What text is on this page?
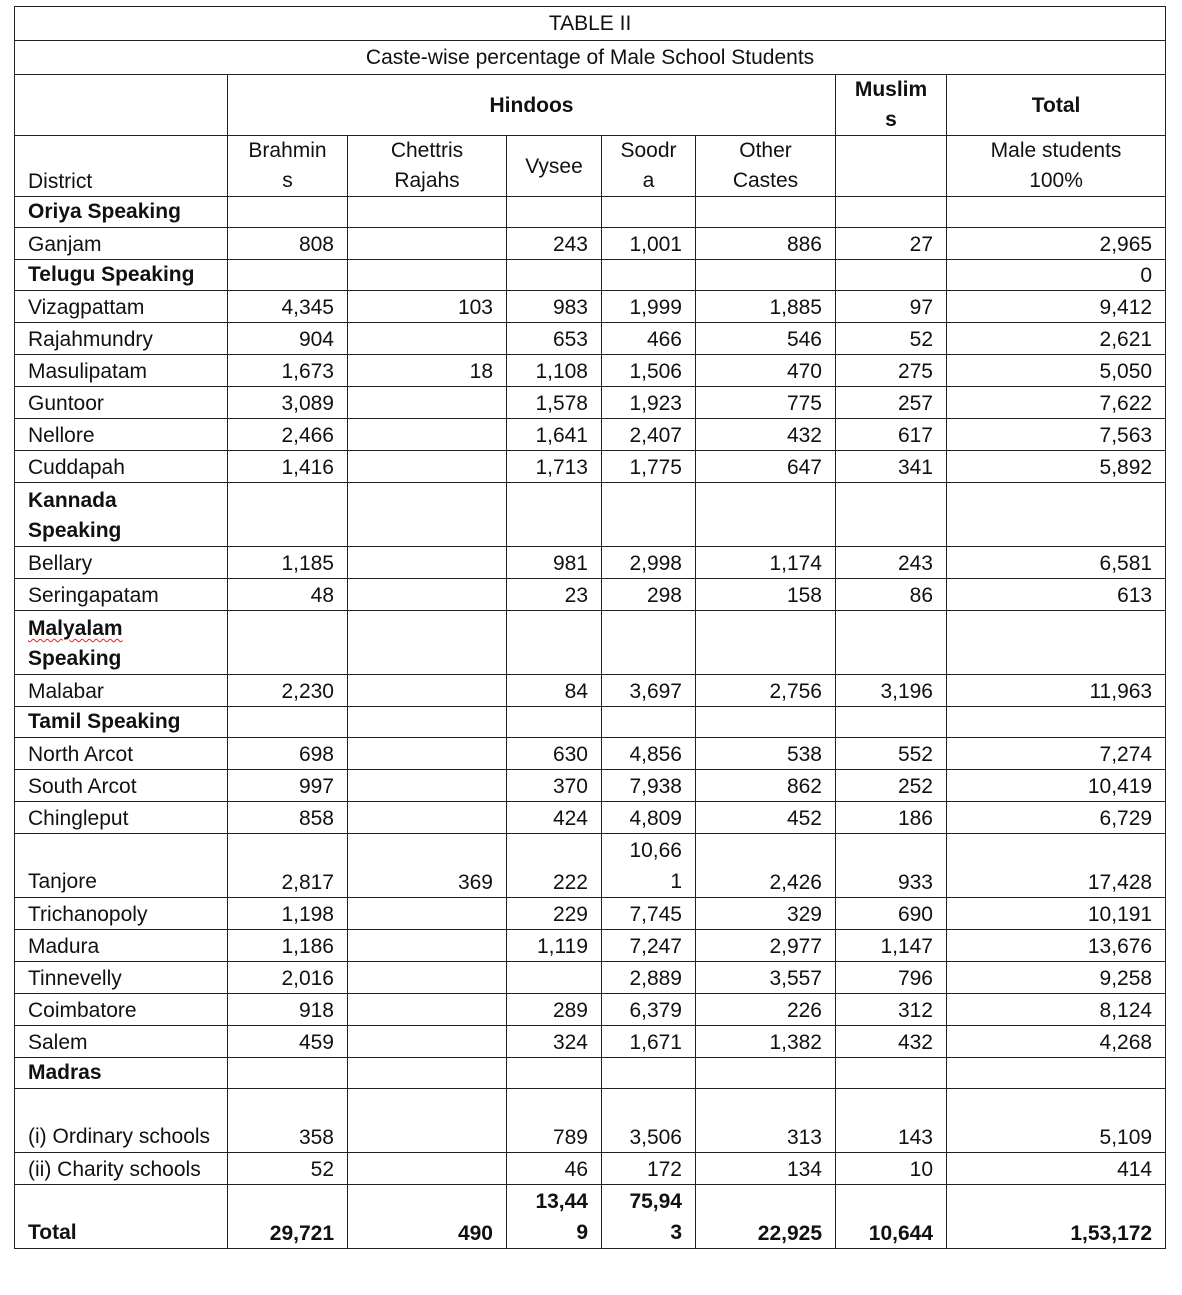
TABLE II							
Caste-wise percentage of Male School Students							
	Hindoos					Muslim s	Total
District	Brahmin s	Chettris Rajahs	Vysee	Soodr a	Other Castes		Male students 100%
Oriya Speaking							
Ganjam	808		243	1,001	886	27	2,965
Telugu Speaking							0
Vizagpattam	4,345	103	983	1,999	1,885	97	9,412
Rajahmundry	904		653	466	546	52	2,621
Masulipatam	1,673	18	1,108	1,506	470	275	5,050
Guntoor	3,089		1,578	1,923	775	257	7,622
Nellore	2,466		1,641	2,407	432	617	7,563
Cuddapah	1,416		1,713	1,775	647	341	5,892
Kannada Speaking							
Bellary	1,185		981	2,998	1,174	243	6,581
Seringapatam	48		23	298	158	86	613
Malyalam Speaking							
Malabar	2,230		84	3,697	2,756	3,196	11,963
Tamil Speaking							
North Arcot	698		630	4,856	538	552	7,274
South Arcot	997		370	7,938	862	252	10,419
Chingleput	858		424	4,809	452	186	6,729
Tanjore	2,817	369	222	10,66 1	2,426	933	17,428
Trichanopoly	1,198		229	7,745	329	690	10,191
Madura	1,186		1,119	7,247	2,977	1,147	13,676
Tinnevelly	2,016			2,889	3,557	796	9,258
Coimbatore	918		289	6,379	226	312	8,124
Salem	459		324	1,671	1,382	432	4,268
Madras							
(i) Ordinary schools	358		789	3,506	313	143	5,109
(ii) Charity schools	52		46	172	134	10	414
Total	29,721	490	13,44 9	75,94 3	22,925	10,644	1,53,172
